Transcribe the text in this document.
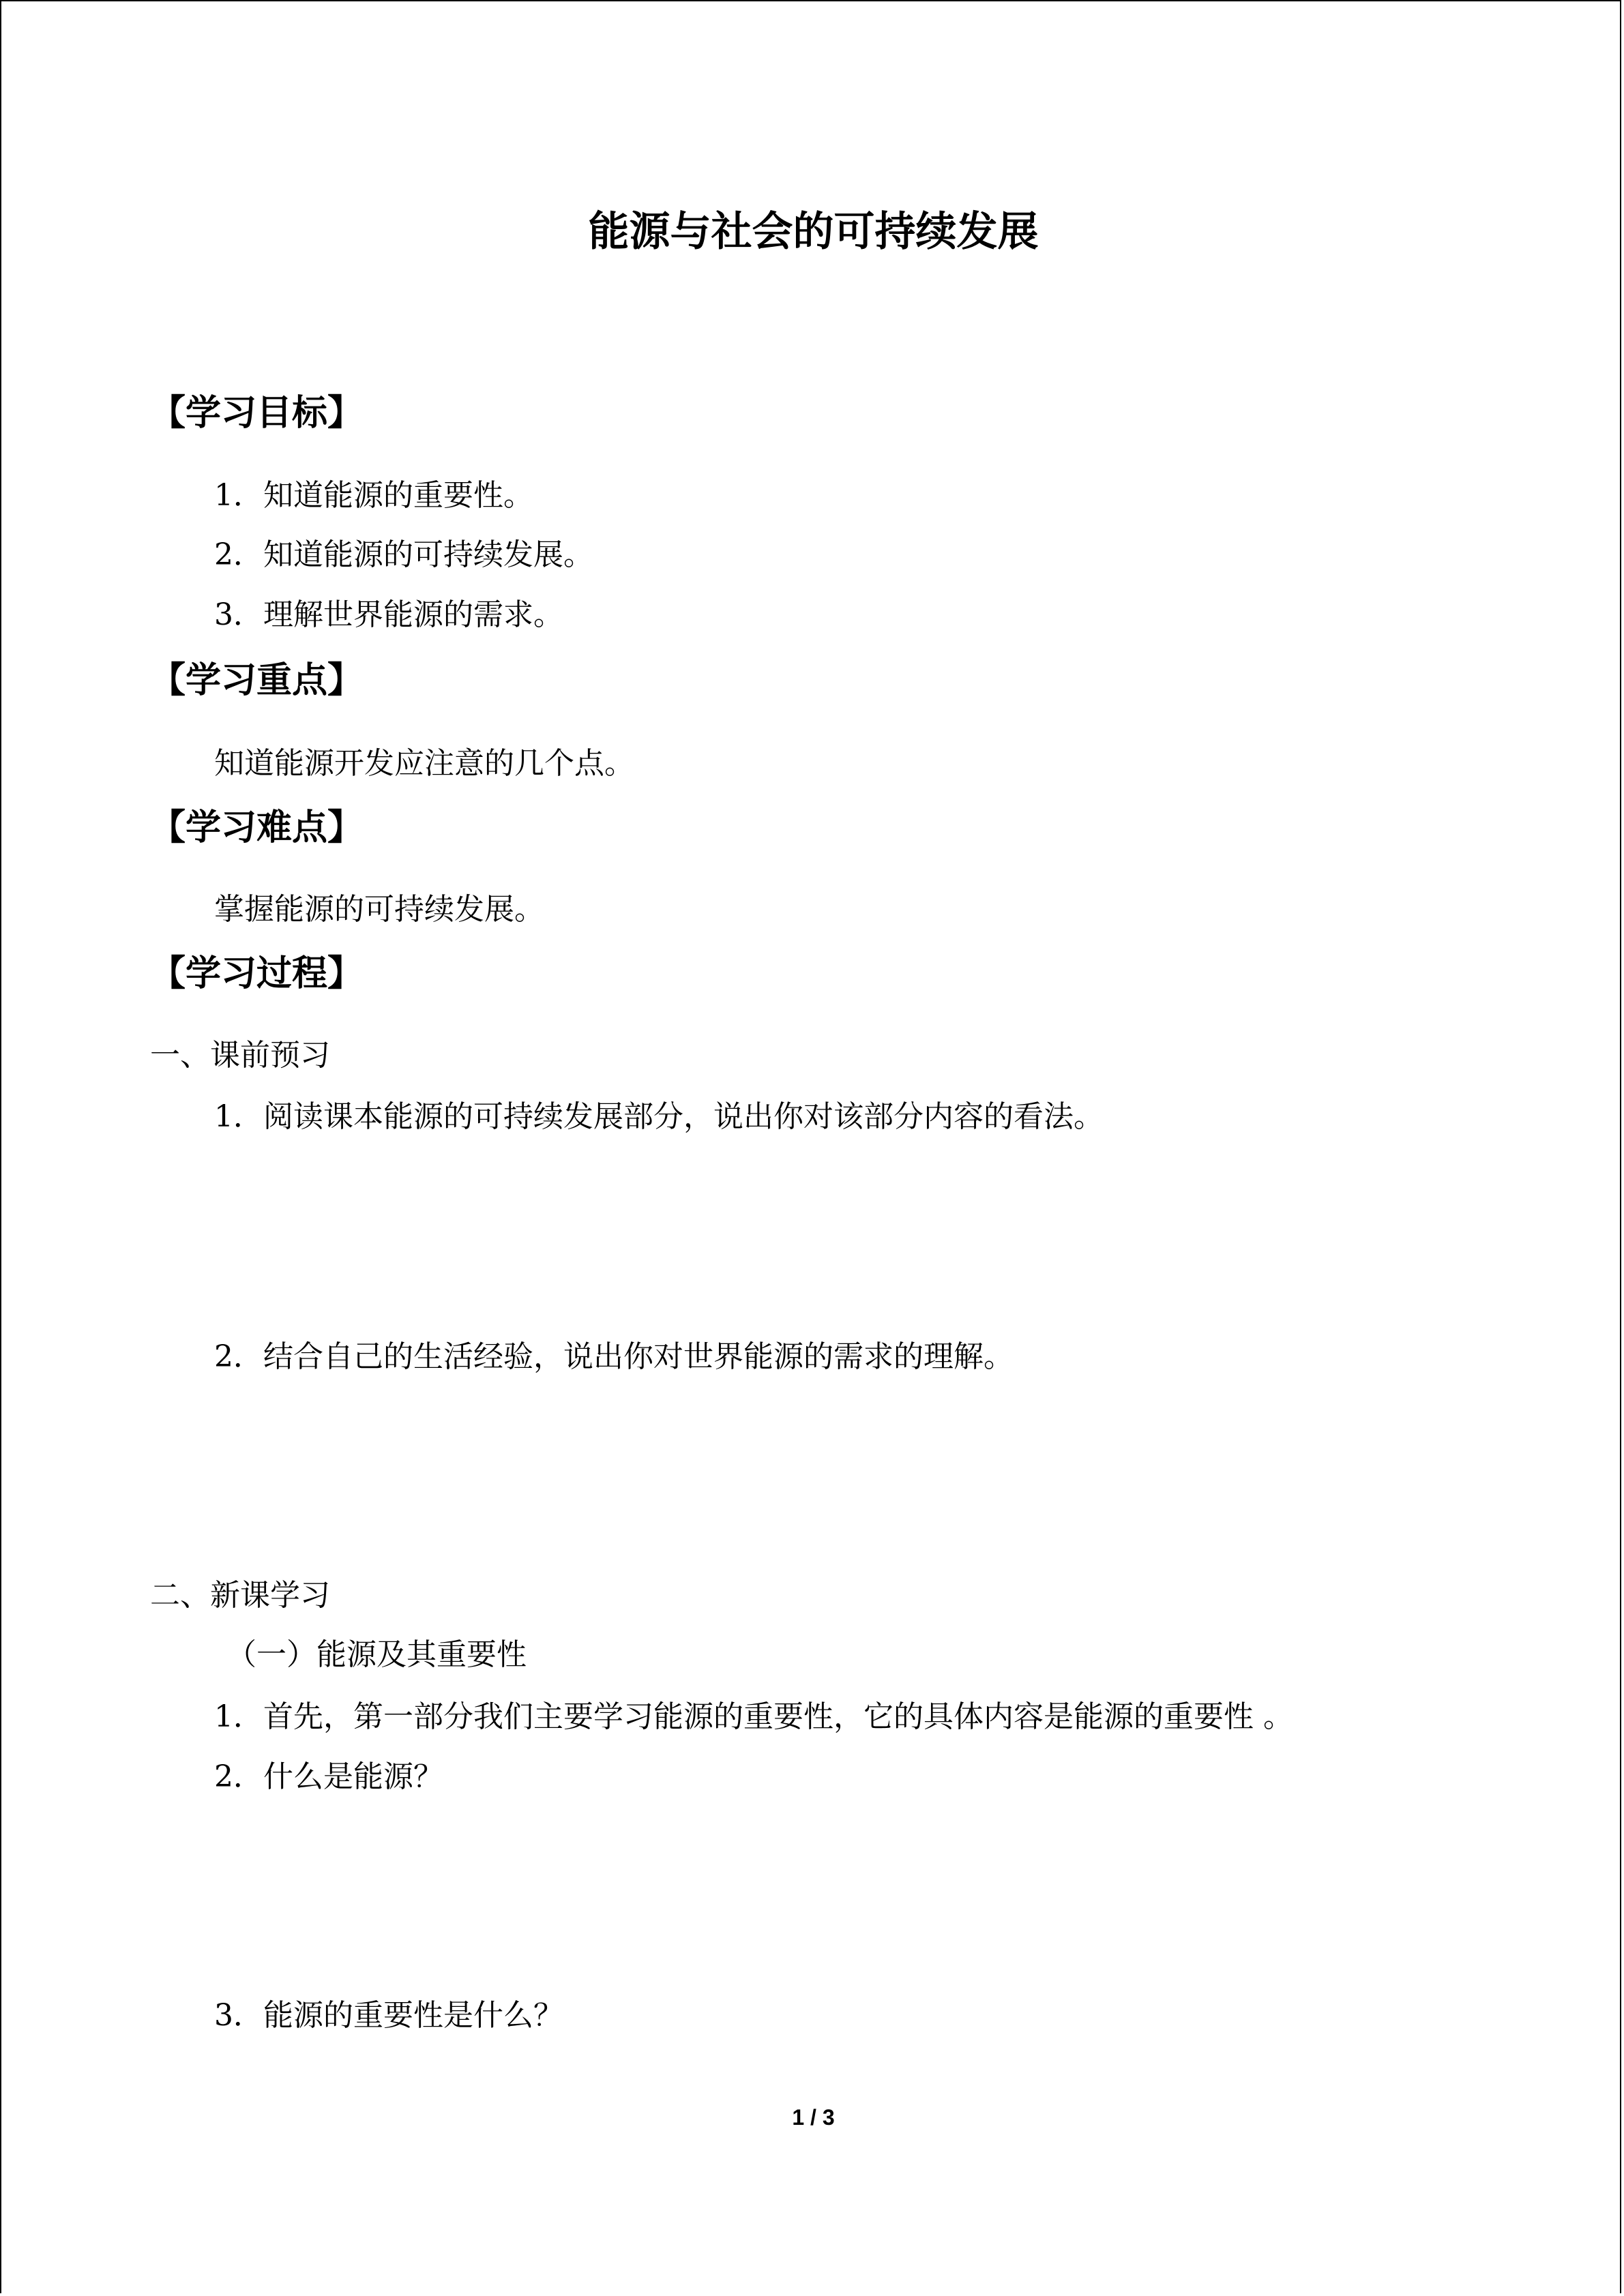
能源与社会的可持续发展
【学习目标】
1．知道能源的重要性。
2．知道能源的可持续发展。
3．理解世界能源的需求。
【学习重点】
知道能源开发应注意的几个点。
【学习难点】
掌握能源的可持续发展。
【学习过程】
一、课前预习
1．阅读课本能源的可持续发展部分，说出你对该部分内容的看法。
2．结合自己的生活经验，说出你对世界能源的需求的理解。
二、新课学习
（一）能源及其重要性
1．首先，第一部分我们主要学习能源的重要性，它的具体内容是能源的重要性 。
2．什么是能源？
3．能源的重要性是什么？
1 / 3
